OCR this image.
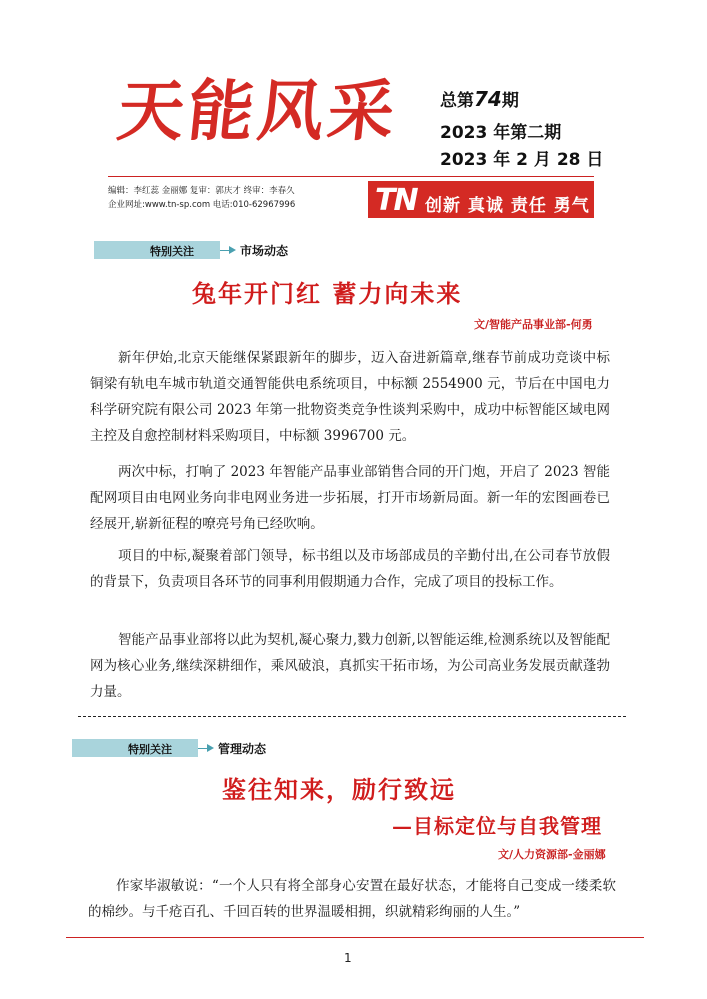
天能风采 总第74期
2023 年第二期
2023 年 2 月 28 日
编辑：李红蕊 金丽娜 复审：郭庆才 终审：李春久
企业网址:www.tn-sp.com 电话:010-62967996	TN 创新 真诚 责任 勇气
特别关注	市场动态
兔年开门红 蓄力向未来
文/智能产品事业部-何勇
新年伊始,北京天能继保紧跟新年的脚步，迈入奋进新篇章,继春节前成功竞谈中标铜梁有轨电车城市轨道交通智能供电系统项目，中标额 2554900 元，节后在中国电力科学研究院有限公司 2023 年第一批物资类竞争性谈判采购中，成功中标智能区域电网主控及自愈控制材料采购项目，中标额 3996700 元。
两次中标，打响了 2023 年智能产品事业部销售合同的开门炮，开启了 2023 智能配网项目由电网业务向非电网业务进一步拓展，打开市场新局面。新一年的宏图画卷已经展开,崭新征程的嘹亮号角已经吹响。
项目的中标,凝聚着部门领导，标书组以及市场部成员的辛勤付出,在公司春节放假的背景下，负责项目各环节的同事利用假期通力合作，完成了项目的投标工作。
智能产品事业部将以此为契机,凝心聚力,戮力创新,以智能运维,检测系统以及智能配网为核心业务,继续深耕细作，乘风破浪，真抓实干拓市场，为公司高业务发展贡献蓬勃力量。
特别关注	管理动态
鉴往知来，励行致远
—目标定位与自我管理
文/人力资源部-金丽娜
作家毕淑敏说：“一个人只有将全部身心安置在最好状态，才能将自己变成一缕柔软的棉纱。与千疮百孔、千回百转的世界温暖相拥，织就精彩绚丽的人生。”
1
